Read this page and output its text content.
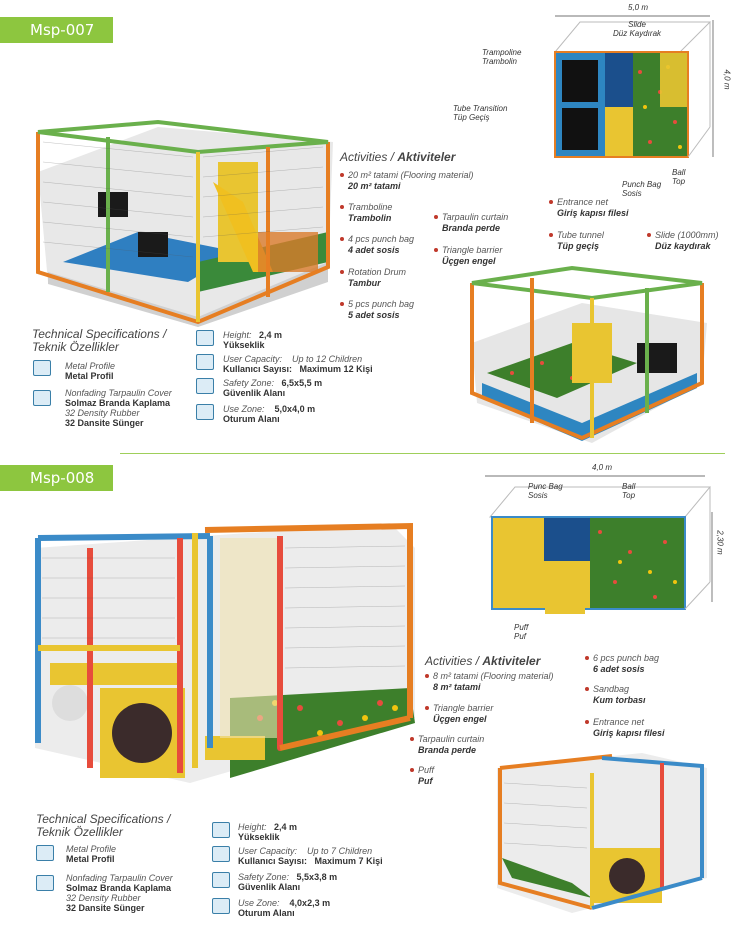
Msp-007
5,0 m
4,0 m
Slide
Düz Kaydırak
Trampoline
Trambolin
Tube Transition
Tüp Geçiş
Punch Bag
Sosis
Ball
Top
Activities / Aktiviteler
20 m² tatami (Flooring material)
20 m² tatami
Tramboline
Trambolin
4 pcs punch bag
4 adet sosis
Rotation Drum
Tambur
5 pcs punch bag
5 adet sosis
Tarpaulin curtain
Branda perde
Triangle barrier
Üçgen engel
Entrance net
Giriş kapısı filesi
Tube tunnel
Tüp geçiş
Slide (1000mm)
Düz kaydırak
Technical Specifications /
Teknik Özellikler
Metal Profile
Metal Profil
Nonfading Tarpaulin Cover
Solmaz Branda Kaplama
32 Density Rubber
32 Dansite Sünger
Height: 2,4 m
Yükseklik
User Capacity: Up to 12 Children
Kullanıcı Sayısı: Maximum 12 Kişi
Safety Zone: 6,5x5,5 m
Güvenlik Alanı
Use Zone: 5,0x4,0 m
Oturum Alanı
Msp-008
4,0 m
2,30 m
Punc Bag
Sosis
Ball
Top
Puff
Puf
Activities / Aktiviteler
8 m² tatami (Flooring material)
8 m² tatami
Triangle barrier
Üçgen engel
Tarpaulin curtain
Branda perde
Puff
Puf
6 pcs punch bag
6 adet sosis
Sandbag
Kum torbası
Entrance net
Giriş kapısı filesi
Technical Specifications /
Teknik Özellikler
Metal Profile
Metal Profil
Nonfading Tarpaulin Cover
Solmaz Branda Kaplama
32 Density Rubber
32 Dansite Sünger
Height: 2,4 m
Yükseklik
User Capacity: Up to 7 Children
Kullanıcı Sayısı: Maximum 7 Kişi
Safety Zone: 5,5x3,8 m
Güvenlik Alanı
Use Zone: 4,0x2,3 m
Oturum Alanı
